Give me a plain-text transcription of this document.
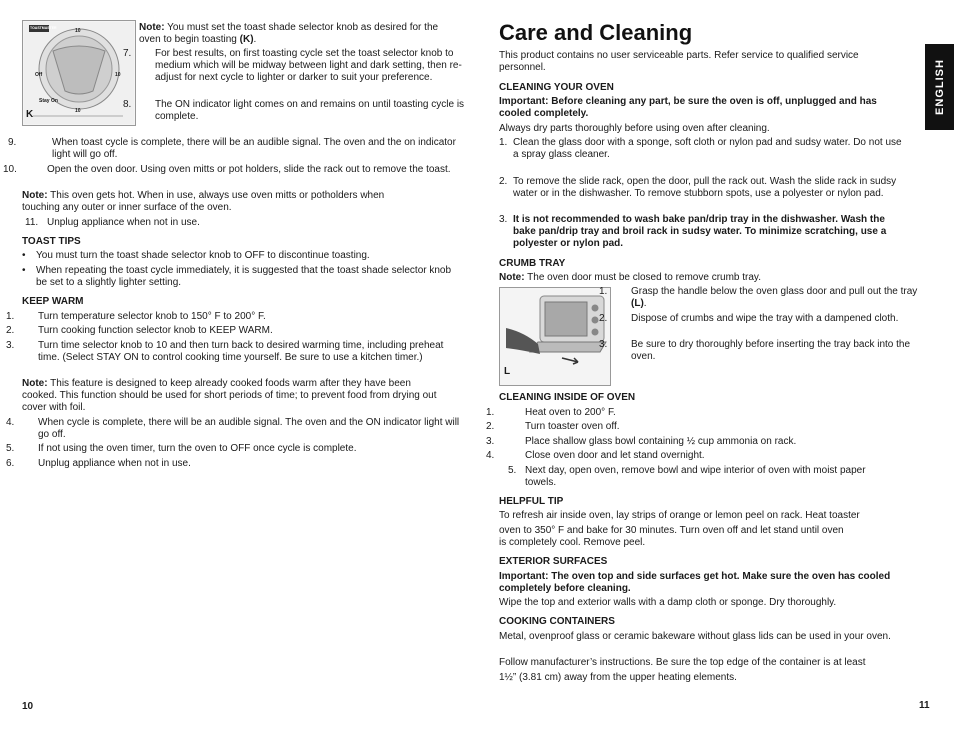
TOASTMASTER	10
Off	10
Stay On
10
K
Note: You must set the toast shade selector knob as desired for the oven to begin toasting (K).
7. For best results, on first toasting cycle set the toast selector knob to medium which will be midway between light and dark setting, then re-adjust for next cycle to lighter or darker to suit your preference.
8. The ON indicator light comes on and remains on until toasting cycle is complete.
9.	When toast cycle is complete, there will be an audible signal. The oven and the on indicator light will go off.
10.	Open the oven door. Using oven mitts or pot holders, slide the rack out to remove the toast.
Note: This oven gets hot. When in use, always use oven mitts or potholders when touching any outer or inner surface of the oven.
11. Unplug appliance when not in use.
TOAST TIPS
• You must turn the toast shade selector knob to OFF to discontinue toasting.
• When repeating the toast cycle immediately, it is suggested that the toast shade selector knob be set to a slightly lighter setting.
KEEP WARM
1. Turn temperature selector knob to 150° F to 200° F.
2. Turn cooking function selector knob to KEEP WARM.
3. Turn time selector knob to 10 and then turn back to desired warming time, including preheat time. (Select STAY ON to control cooking time yourself. Be sure to use a kitchen timer.)
Note: This feature is designed to keep already cooked foods warm after they have been cooked. This function should be used for short periods of time; to prevent food from drying out cover with foil.
4. When cycle is complete, there will be an audible signal. The oven and the ON indicator light will go off.
5. If not using the oven timer, turn the oven to OFF once cycle is complete.
6. Unplug appliance when not in use.
10
ENGLISH
Care and Cleaning
This product contains no user serviceable parts. Refer service to qualified service personnel.
CLEANING YOUR OVEN
Important: Before cleaning any part, be sure the oven is off, unplugged and has cooled completely.
Always dry parts thoroughly before using oven after cleaning.
1. Clean the glass door with a sponge, soft cloth or nylon pad and sudsy water. Do not use
a spray glass cleaner.
2. To remove the slide rack, open the door, pull the rack out. Wash the slide rack in sudsy water or in the dishwasher. To remove stubborn spots, use a polyester or nylon pad.
3. It is not recommended to wash bake pan/drip tray in the dishwasher. Wash the bake pan/drip tray and broil rack in sudsy water. To minimize scratching, use a polyester or nylon pad.
CRUMB TRAY
Note: The oven door must be closed to remove crumb tray.
L
1. Grasp the handle below the oven glass door and pull out the tray (L).
2. Dispose of crumbs and wipe the tray with a dampened cloth.
3. Be sure to dry thoroughly before inserting the tray back into the oven.
CLEANING INSIDE OF OVEN
1.	Heat oven to 200° F.
2.	Turn toaster oven off.
3.	Place shallow glass bowl containing ½ cup ammonia on rack.
4.	Close oven door and let stand overnight.
5. Next day, open oven, remove bowl and wipe interior of oven with moist paper towels.
HELPFUL TIP
To refresh air inside oven, lay strips of orange or lemon peel on rack. Heat toaster
oven to 350° F and bake for 30 minutes. Turn oven off and let stand until oven
is completely cool. Remove peel.
EXTERIOR SURFACES
Important: The oven top and side surfaces get hot. Make sure the oven has cooled completely before cleaning.
Wipe the top and exterior walls with a damp cloth or sponge. Dry thoroughly.
COOKING CONTAINERS
Metal, ovenproof glass or ceramic bakeware without glass lids can be used in your oven.
Follow manufacturer’s instructions. Be sure the top edge of the container is at least
1½” (3.81 cm) away from the upper heating elements.
11
